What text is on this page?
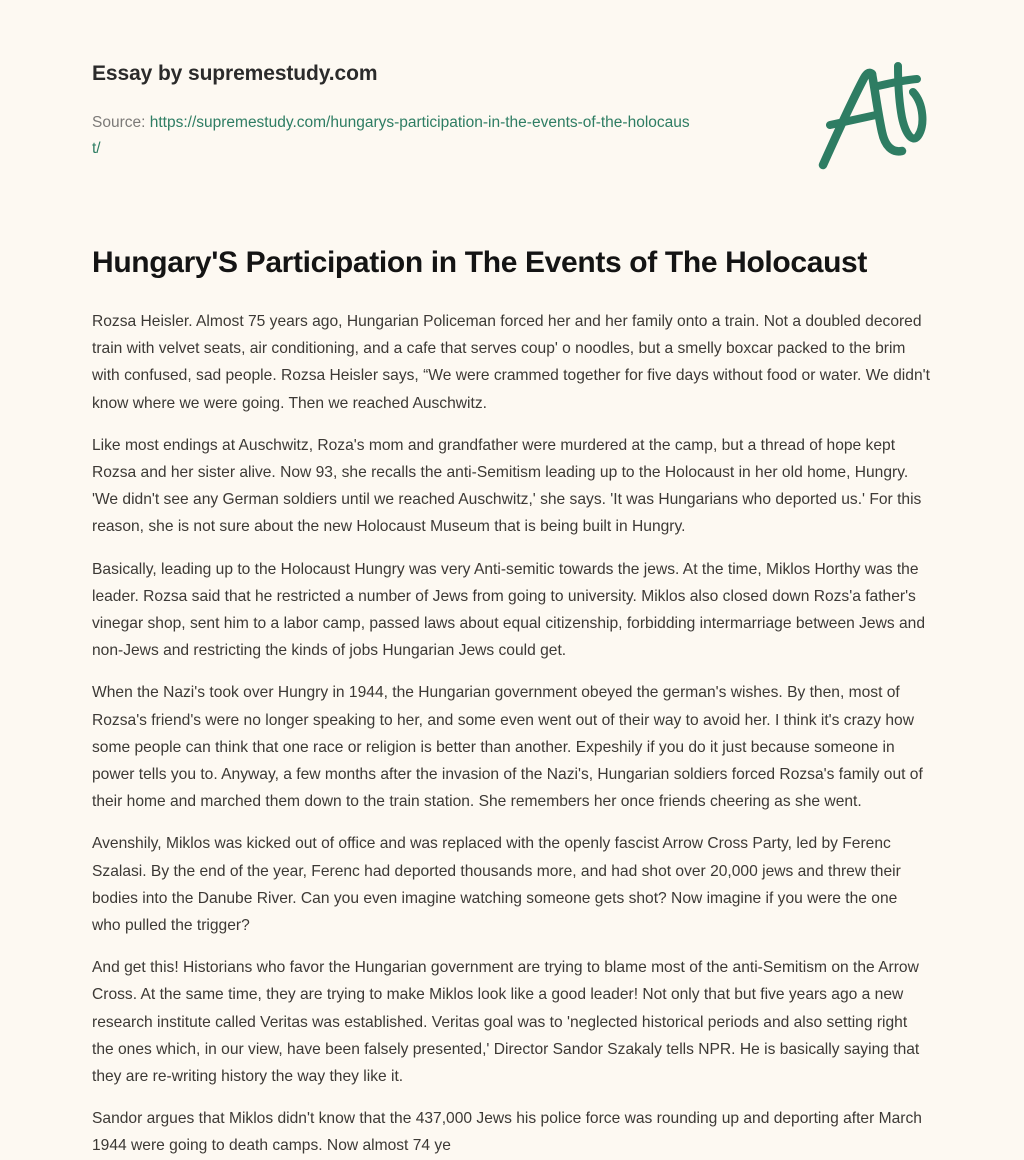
Essay by supremestudy.com
Source: https://supremestudy.com/hungarys-participation-in-the-events-of-the-holocaust/
Hungary'S Participation in The Events of The Holocaust

Rozsa Heisler. Almost 75 years ago, Hungarian Policeman forced her and her family onto a train. Not a doubled decored train with velvet seats, air conditioning, and a cafe that serves coup' o noodles, but a smelly boxcar packed to the brim with confused, sad people. Rozsa Heisler says, “We were crammed together for five days without food or water. We didn't know where we were going. Then we reached Auschwitz.

Like most endings at Auschwitz, Roza's mom and grandfather were murdered at the camp, but a thread of hope kept Rozsa and her sister alive. Now 93, she recalls the anti-Semitism leading up to the Holocaust in her old home, Hungry. 'We didn't see any German soldiers until we reached Auschwitz,' she says. 'It was Hungarians who deported us.' For this reason, she is not sure about the new Holocaust Museum that is being built in Hungry.

Basically, leading up to the Holocaust Hungry was very Anti-semitic towards the jews. At the time, Miklos Horthy was the leader. Rozsa said that he restricted a number of Jews from going to university. Miklos also closed down Rozs'a father's vinegar shop, sent him to a labor camp, passed laws about equal citizenship, forbidding intermarriage between Jews and non-Jews and restricting the kinds of jobs Hungarian Jews could get.

When the Nazi's took over Hungry in 1944, the Hungarian government obeyed the german's wishes. By then, most of Rozsa's friend's were no longer speaking to her, and some even went out of their way to avoid her. I think it's crazy how some people can think that one race or religion is better than another. Expeshily if you do it just because someone in power tells you to. Anyway, a few months after the invasion of the Nazi's, Hungarian soldiers forced Rozsa's family out of their home and marched them down to the train station. She remembers her once friends cheering as she went.

Avenshily, Miklos was kicked out of office and was replaced with the openly fascist Arrow Cross Party, led by Ferenc Szalasi. By the end of the year, Ferenc had deported thousands more, and had shot over 20,000 jews and threw their bodies into the Danube River. Can you even imagine watching someone gets shot? Now imagine if you were the one who pulled the trigger?

And get this! Historians who favor the Hungarian government are trying to blame most of the anti-Semitism on the Arrow Cross. At the same time, they are trying to make Miklos look like a good leader! Not only that but five years ago a new research institute called Veritas was established. Veritas goal was to 'neglected historical periods and also setting right the ones which, in our view, have been falsely presented,' Director Sandor Szakaly tells NPR. He is basically saying that they are re-writing history the way they like it.

Sandor argues that Miklos didn't know that the 437,000 Jews his police force was rounding up and deporting after March 1944 were going to death camps. Now almost 74 ye
